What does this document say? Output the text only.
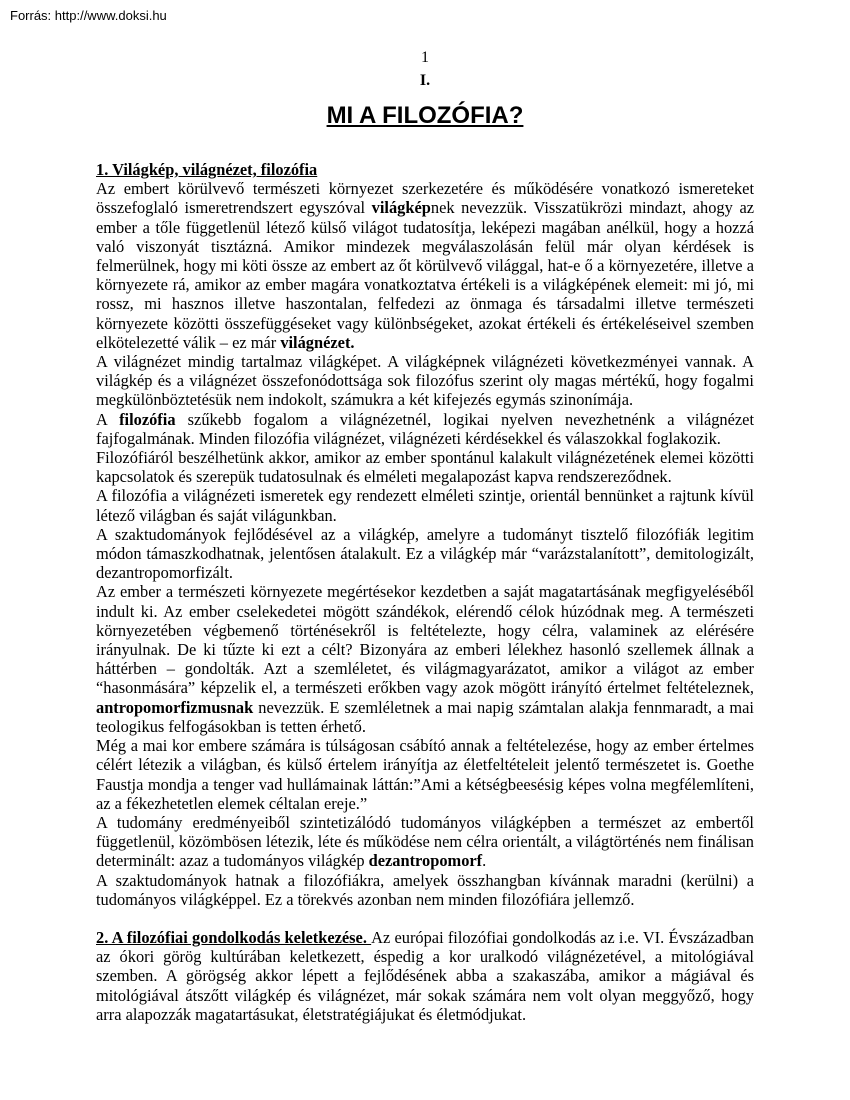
Forrás: http://www.doksi.hu
1
I.
MI A FILOZÓFIA?

1. Világkép, világnézet, filozófia

Az embert körülvevő természeti környezet szerkezetére és működésére vonatkozó ismereteket összefoglaló ismeretrendszert egyszóval világképnek nevezzük. Visszatükrözi mindazt, ahogy az ember a tőle függetlenül létező külső világot tudatosítja, leképezi magában anélkül, hogy a hozzá való viszonyát tisztázná. Amikor mindezek megválaszolásán felül már olyan kérdések is felmerülnek, hogy mi köti össze az embert az őt körülvevő világgal, hat-e ő a környezetére, illetve a környezete rá, amikor az ember magára vonatkoztatva értékeli is a világképének elemeit: mi jó, mi rossz, mi hasznos illetve haszontalan, felfedezi az önmaga és társadalmi illetve természeti környezete közötti összefüggéseket vagy különbségeket, azokat értékeli és értékeléseivel szemben elkötelezetté válik – ez már világnézet.

A világnézet mindig tartalmaz világképet. A világképnek világnézeti következményei vannak. A világkép és a világnézet összefonódottsága sok filozófus szerint oly magas mértékű, hogy fogalmi megkülönböztetésük nem indokolt, számukra a két kifejezés egymás szinonímája.

A filozófia szűkebb fogalom a világnézetnél, logikai nyelven nevezhetnénk a világnézet fajfogalmának. Minden filozófia világnézet, világnézeti kérdésekkel és válaszokkal foglakozik.

Filozófiáról beszélhetünk akkor, amikor az ember spontánul kalakult világnézetének elemei közötti kapcsolatok és szerepük tudatosulnak és elméleti megalapozást kapva rendszereződnek.

A filozófia a világnézeti ismeretek egy rendezett elméleti szintje, orientál bennünket a rajtunk kívül létező világban és saját világunkban.

A szaktudományok fejlődésével az a világkép, amelyre a tudományt tisztelő filozófiák legitim módon támaszkodhatnak, jelentősen átalakult. Ez a világkép már “varázstalanított”, demitologizált, dezantropomorfizált.

Az ember a természeti környezete megértésekor kezdetben a saját magatartásának megfigyeléséből indult ki. Az ember cselekedetei mögött szándékok, elérendő célok húzódnak meg. A természeti környezetében végbemenő történésekről is feltételezte, hogy célra, valaminek az elérésére irányulnak. De ki tűzte ki ezt a célt? Bizonyára az emberi lélekhez hasonló szellemek állnak a háttérben – gondolták. Azt a szemléletet, és világmagyarázatot, amikor a világot az ember “hasonmására” képzelik el, a természeti erőkben vagy azok mögött irányító értelmet feltételeznek, antropomorfizmusnak nevezzük. E szemléletnek a mai napig számtalan alakja fennmaradt, a mai teologikus felfogásokban is tetten érhető.

Még a mai kor embere számára is túlságosan csábító annak a feltételezése, hogy az ember értelmes célért létezik a világban, és külső értelem irányítja az életfeltételeit jelentő természetet is. Goethe Faustja mondja a tenger vad hullámainak láttán:”Ami a kétségbeesésig képes volna megfélemlíteni, az a fékezhetetlen elemek céltalan ereje.”

A tudomány eredményeiből szintetizálódó tudományos világképben a természet az embertől függetlenül, közömbösen létezik, léte és működése nem célra orientált, a világtörténés nem finálisan determinált: azaz a tudományos világkép dezantropomorf.

A szaktudományok hatnak a filozófiákra, amelyek összhangban kívánnak maradni (kerülni) a tudományos világképpel. Ez a törekvés azonban nem minden filozófiára jellemző.

2. A filozófiai gondolkodás keletkezése. Az európai filozófiai gondolkodás az i.e. VI. Évszázadban az ókori görög kultúrában keletkezett, éspedig a kor uralkodó világnézetével, a mitológiával szemben. A görögség akkor lépett a fejlődésének abba a szakaszába, amikor a mágiával és mitológiával átszőtt világkép és világnézet, már sokak számára nem volt olyan meggyőző, hogy arra alapozzák magatartásukat, életstratégiájukat és életmódjukat.
